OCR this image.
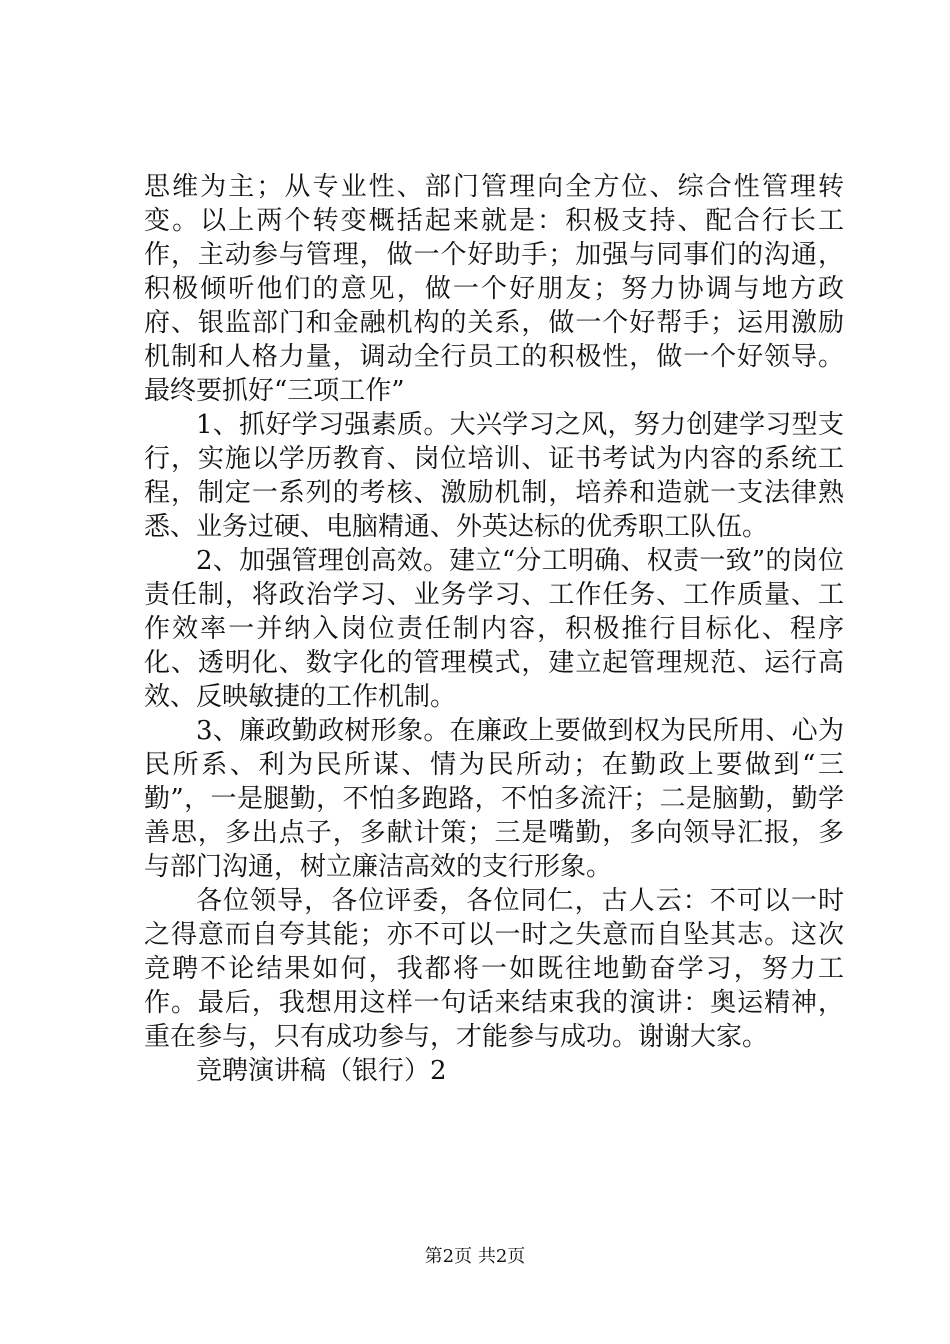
思维为主；从专业性、部门管理向全方位、综合性管理转变。以上两个转变概括起来就是：积极支持、配合行长工作，主动参与管理，做一个好助手；加强与同事们的沟通，积极倾听他们的意见，做一个好朋友；努力协调与地方政府、银监部门和金融机构的关系，做一个好帮手；运用激励机制和人格力量，调动全行员工的积极性，做一个好领导。最终要抓好“三项工作”

1、抓好学习强素质。大兴学习之风，努力创建学习型支行，实施以学历教育、岗位培训、证书考试为内容的系统工程，制定一系列的考核、激励机制，培养和造就一支法律熟悉、业务过硬、电脑精通、外英达标的优秀职工队伍。

2、加强管理创高效。建立“分工明确、权责一致”的岗位责任制，将政治学习、业务学习、工作任务、工作质量、工作效率一并纳入岗位责任制内容，积极推行目标化、程序化、透明化、数字化的管理模式，建立起管理规范、运行高效、反映敏捷的工作机制。

3、廉政勤政树形象。在廉政上要做到权为民所用、心为民所系、利为民所谋、情为民所动；在勤政上要做到“三勤”，一是腿勤，不怕多跑路，不怕多流汗；二是脑勤，勤学善思，多出点子，多献计策；三是嘴勤，多向领导汇报，多与部门沟通，树立廉洁高效的支行形象。

各位领导，各位评委，各位同仁，古人云：不可以一时之得意而自夸其能；亦不可以一时之失意而自坠其志。这次竞聘不论结果如何，我都将一如既往地勤奋学习，努力工作。最后，我想用这样一句话来结束我的演讲：奥运精神，重在参与，只有成功参与，才能参与成功。谢谢大家。

竞聘演讲稿（银行）2

第2页 共2页
